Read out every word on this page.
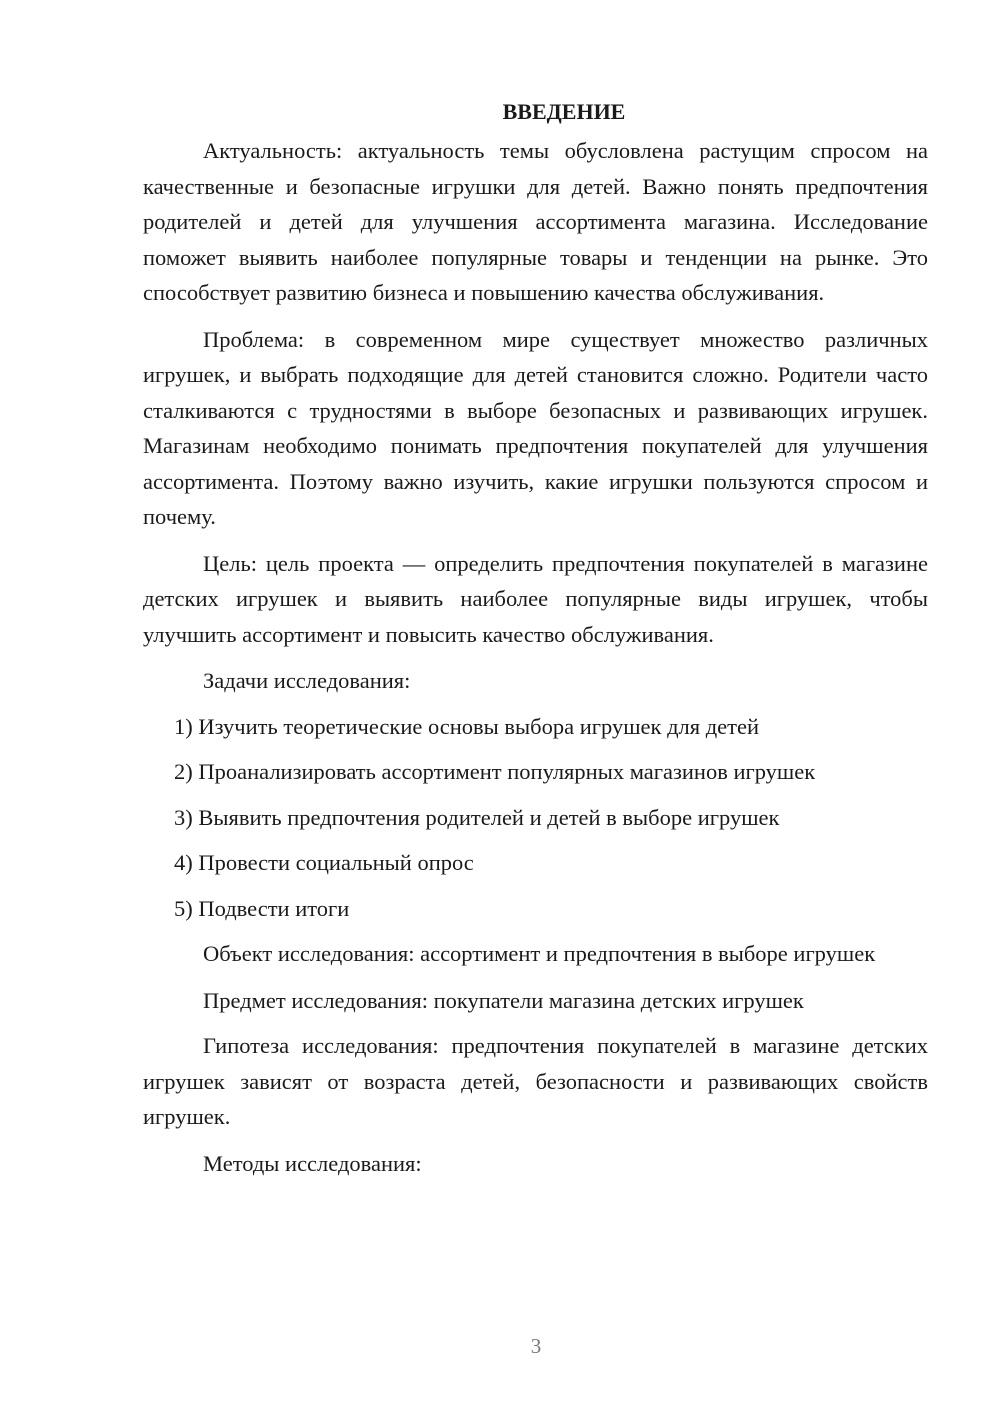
ВВЕДЕНИЕ

Актуальность: актуальность темы обусловлена растущим спросом на качественные и безопасные игрушки для детей. Важно понять предпочтения родителей и детей для улучшения ассортимента магазина. Исследование поможет выявить наиболее популярные товары и тенденции на рынке. Это способствует развитию бизнеса и повышению качества обслуживания.

Проблема: в современном мире существует множество различных игрушек, и выбрать подходящие для детей становится сложно. Родители часто сталкиваются с трудностями в выборе безопасных и развивающих игрушек. Магазинам необходимо понимать предпочтения покупателей для улучшения ассортимента. Поэтому важно изучить, какие игрушки пользуются спросом и почему.

Цель: цель проекта — определить предпочтения покупателей в магазине детских игрушек и выявить наиболее популярные виды игрушек, чтобы улучшить ассортимент и повысить качество обслуживания.

Задачи исследования:

1) Изучить теоретические основы выбора игрушек для детей
2) Проанализировать ассортимент популярных магазинов игрушек
3) Выявить предпочтения родителей и детей в выборе игрушек
4) Провести социальный опрос
5) Подвести итоги

Объект исследования: ассортимент и предпочтения в выборе игрушек

Предмет исследования: покупатели магазина детских игрушек

Гипотеза исследования: предпочтения покупателей в магазине детских игрушек зависят от возраста детей, безопасности и развивающих свойств игрушек.

Методы исследования:

3
